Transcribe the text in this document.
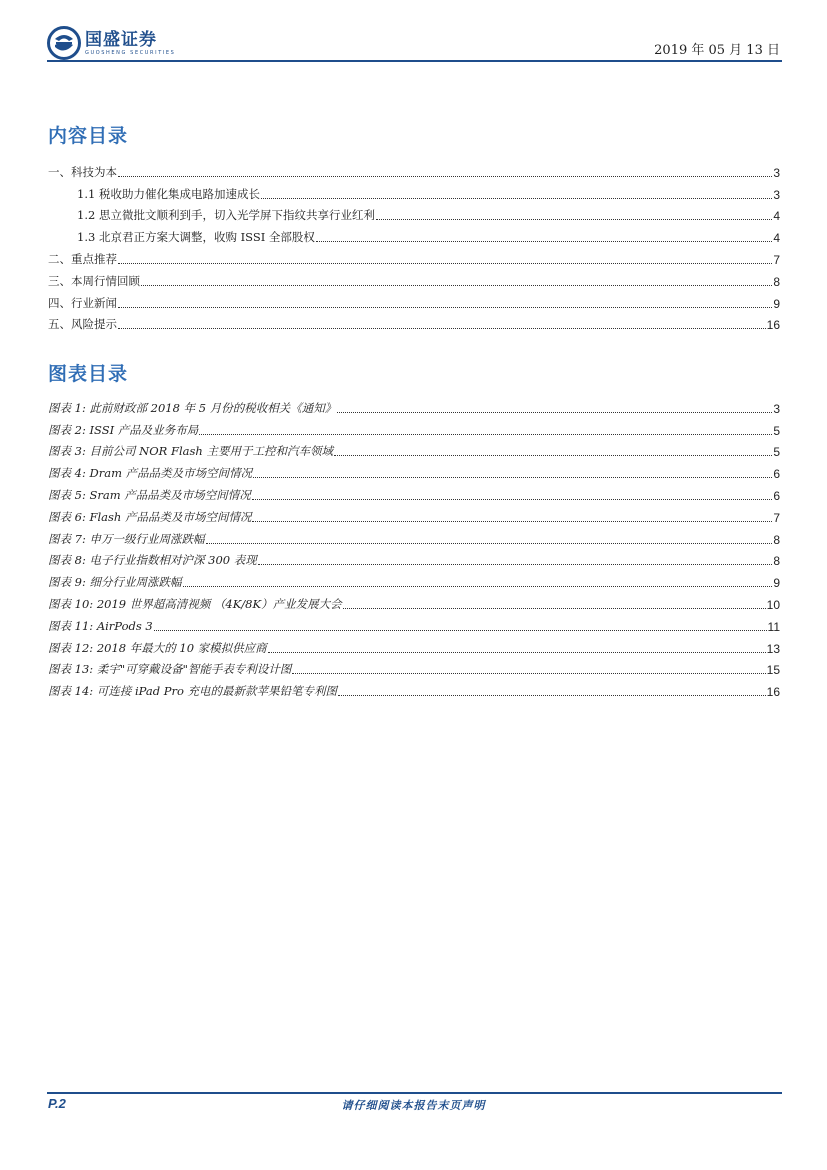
国盛证券
GUOSHENG SECURITIES	2019 年 05 月 13 日
内容目录
一、科技为本	3
1.1 税收助力催化集成电路加速成长	3
1.2 思立微批文顺利到手，切入光学屏下指纹共享行业红利	4
1.3 北京君正方案大调整，收购 ISSI 全部股权	4
二、重点推荐	7
三、本周行情回顾	8
四、行业新闻	9
五、风险提示	16
图表目录
图表 1: 此前财政部 2018 年 5 月份的税收相关《通知》	3
图表 2: ISSI 产品及业务布局	5
图表 3: 目前公司 NOR Flash 主要用于工控和汽车领域	5
图表 4: Dram 产品品类及市场空间情况	6
图表 5: Sram 产品品类及市场空间情况	6
图表 6: Flash 产品品类及市场空间情况	7
图表 7: 申万一级行业周涨跌幅	8
图表 8: 电子行业指数相对沪深 300 表现	8
图表 9: 细分行业周涨跌幅	9
图表 10: 2019 世界超高清视频 （4K/8K）产业发展大会	10
图表 11: AirPods 3	11
图表 12: 2018 年最大的 10 家模拟供应商	13
图表 13: 柔宇"可穿戴设备"智能手表专利设计图	15
图表 14: 可连接 iPad Pro 充电的最新款苹果铅笔专利图	16
P.2	请仔细阅读本报告末页声明
